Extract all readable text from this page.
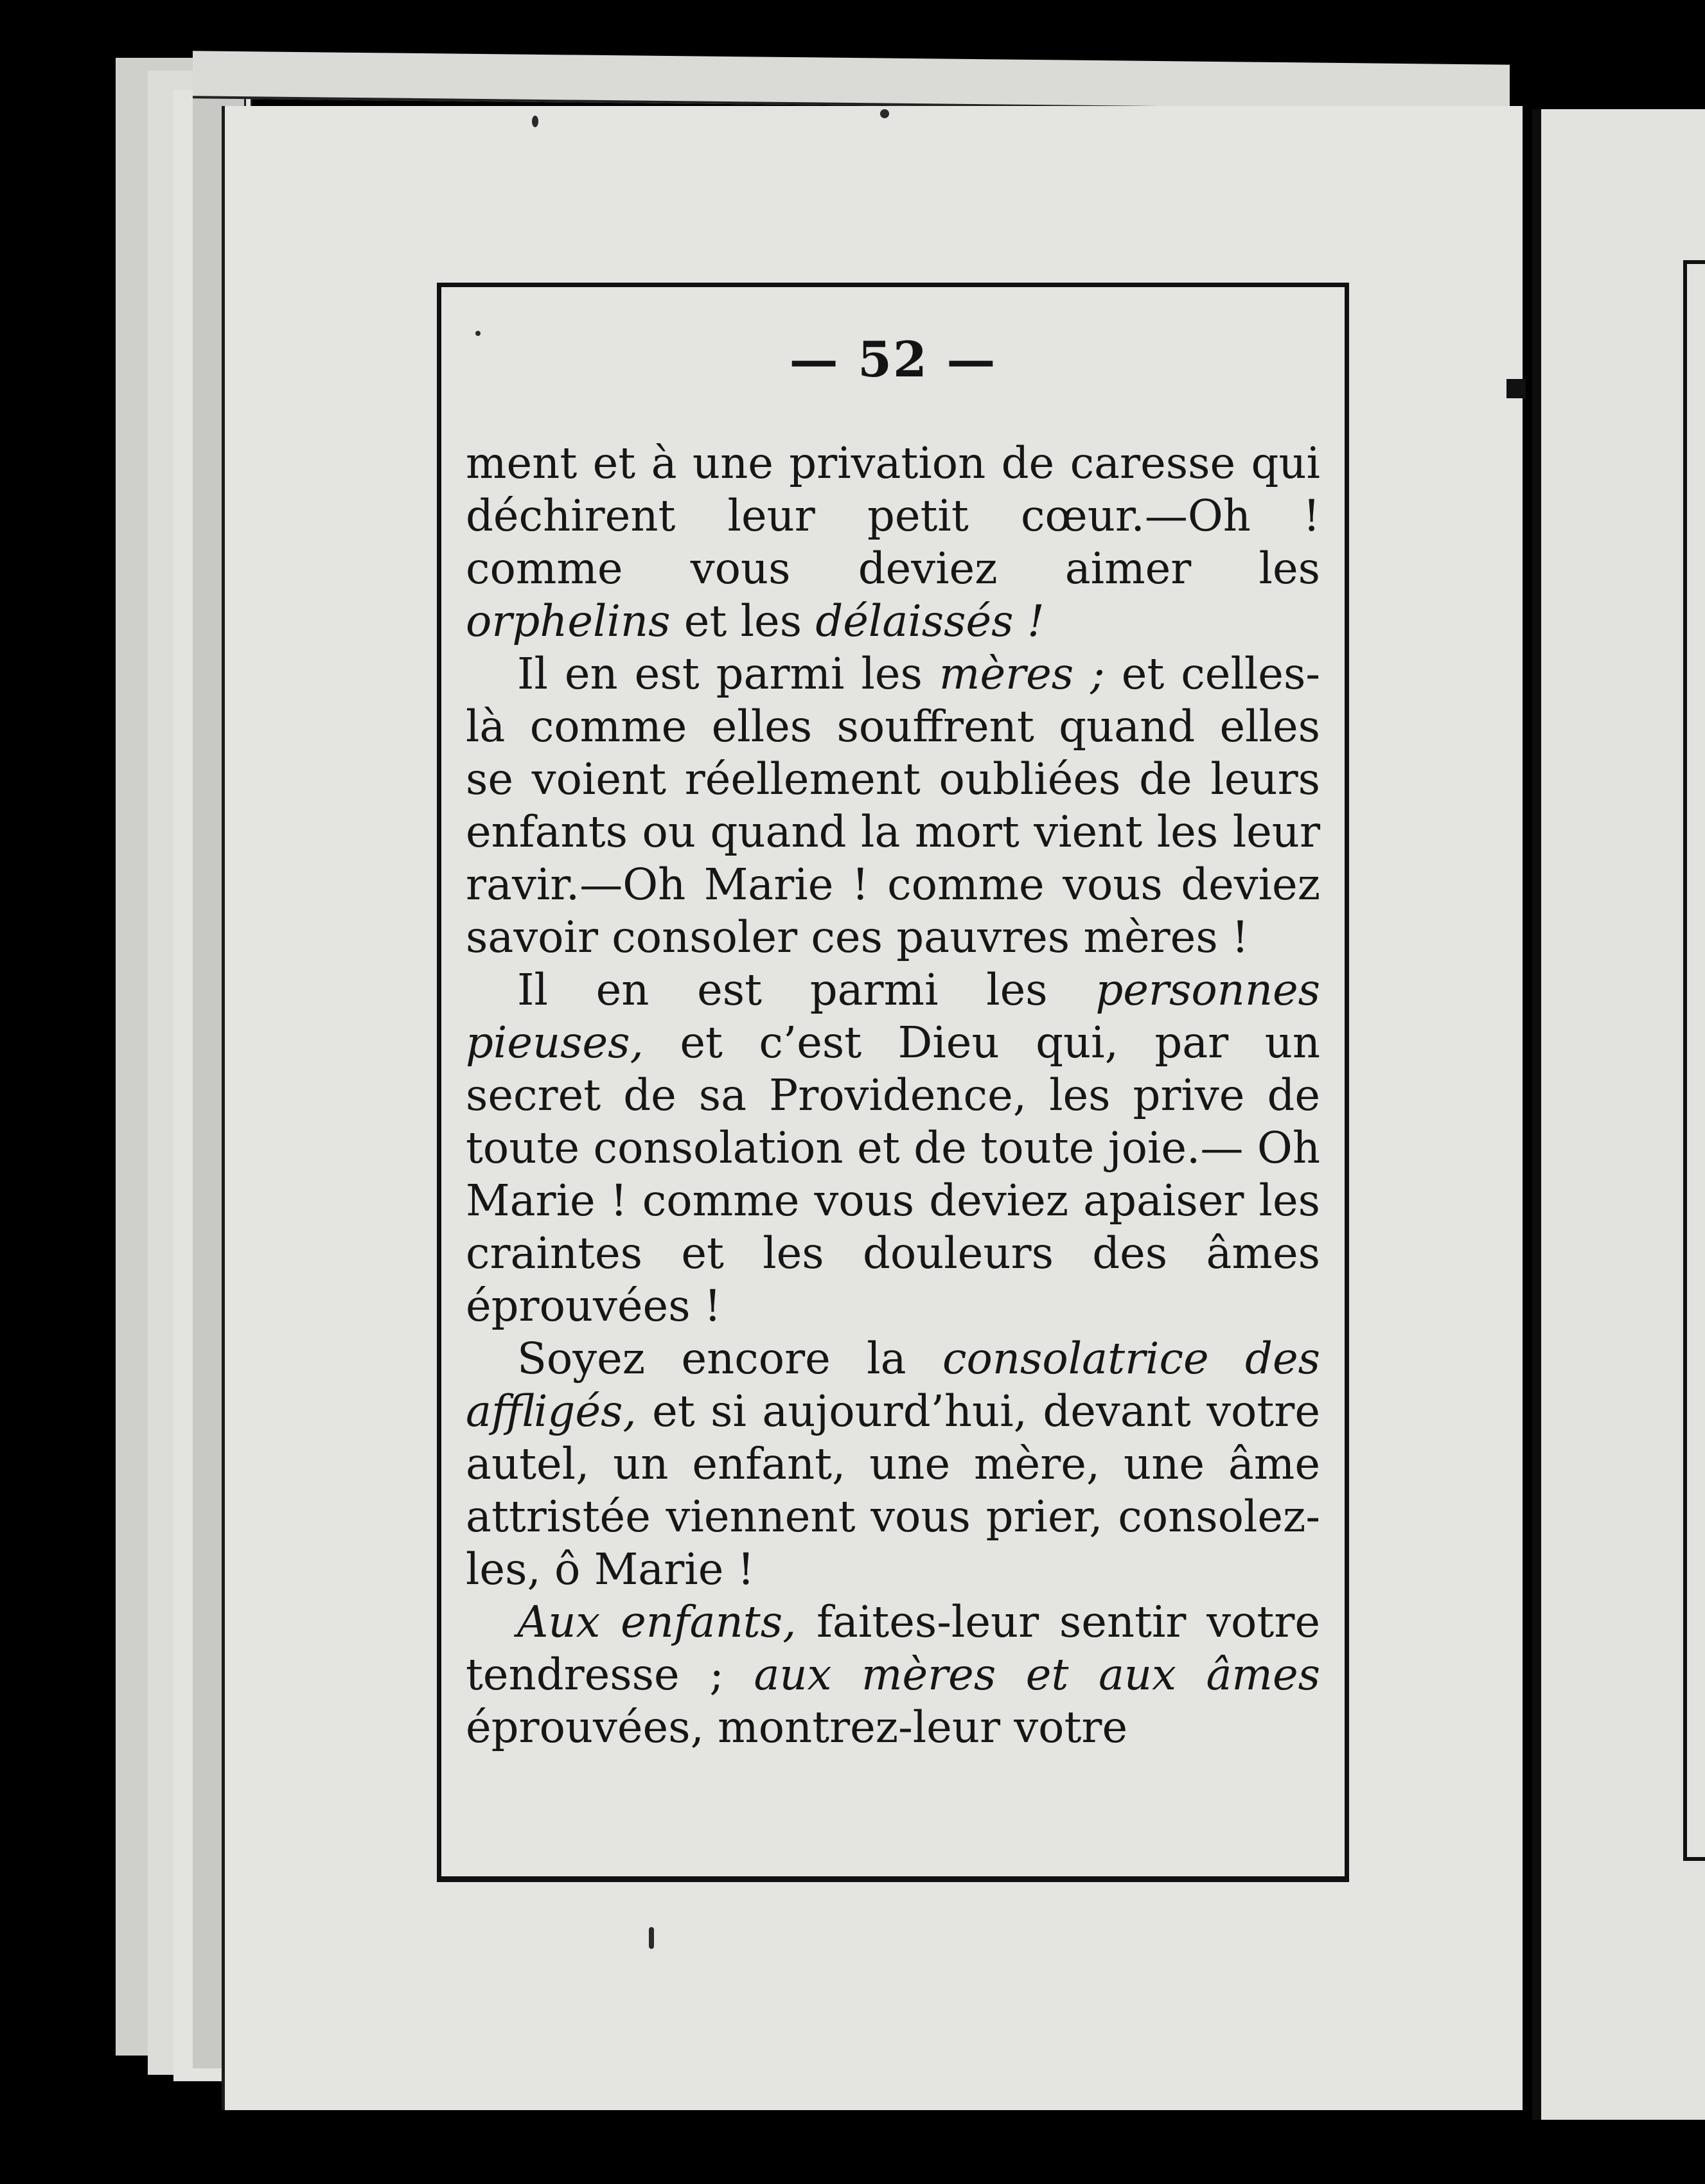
— 52 —

ment et à une privation de caresse qui déchirent leur petit cœur.—Oh ! comme vous deviez aimer les orphelins et les délaissés !

Il en est parmi les mères ; et celles-là comme elles souffrent quand elles se voient réellement oubliées de leurs enfants ou quand la mort vient les leur ravir.—Oh Marie ! comme vous deviez savoir consoler ces pauvres mères !

Il en est parmi les personnes pieuses, et c’est Dieu qui, par un secret de sa Providence, les prive de toute consolation et de toute joie.— Oh Marie ! comme vous deviez apaiser les craintes et les douleurs des âmes éprouvées !

Soyez encore la consolatrice des affligés, et si aujourd’hui, devant votre autel, un enfant, une mère, une âme attristée viennent vous prier, consolez-les, ô Marie !

Aux enfants, faites-leur sentir votre tendresse ; aux mères et aux âmes éprouvées, montrez-leur votre
